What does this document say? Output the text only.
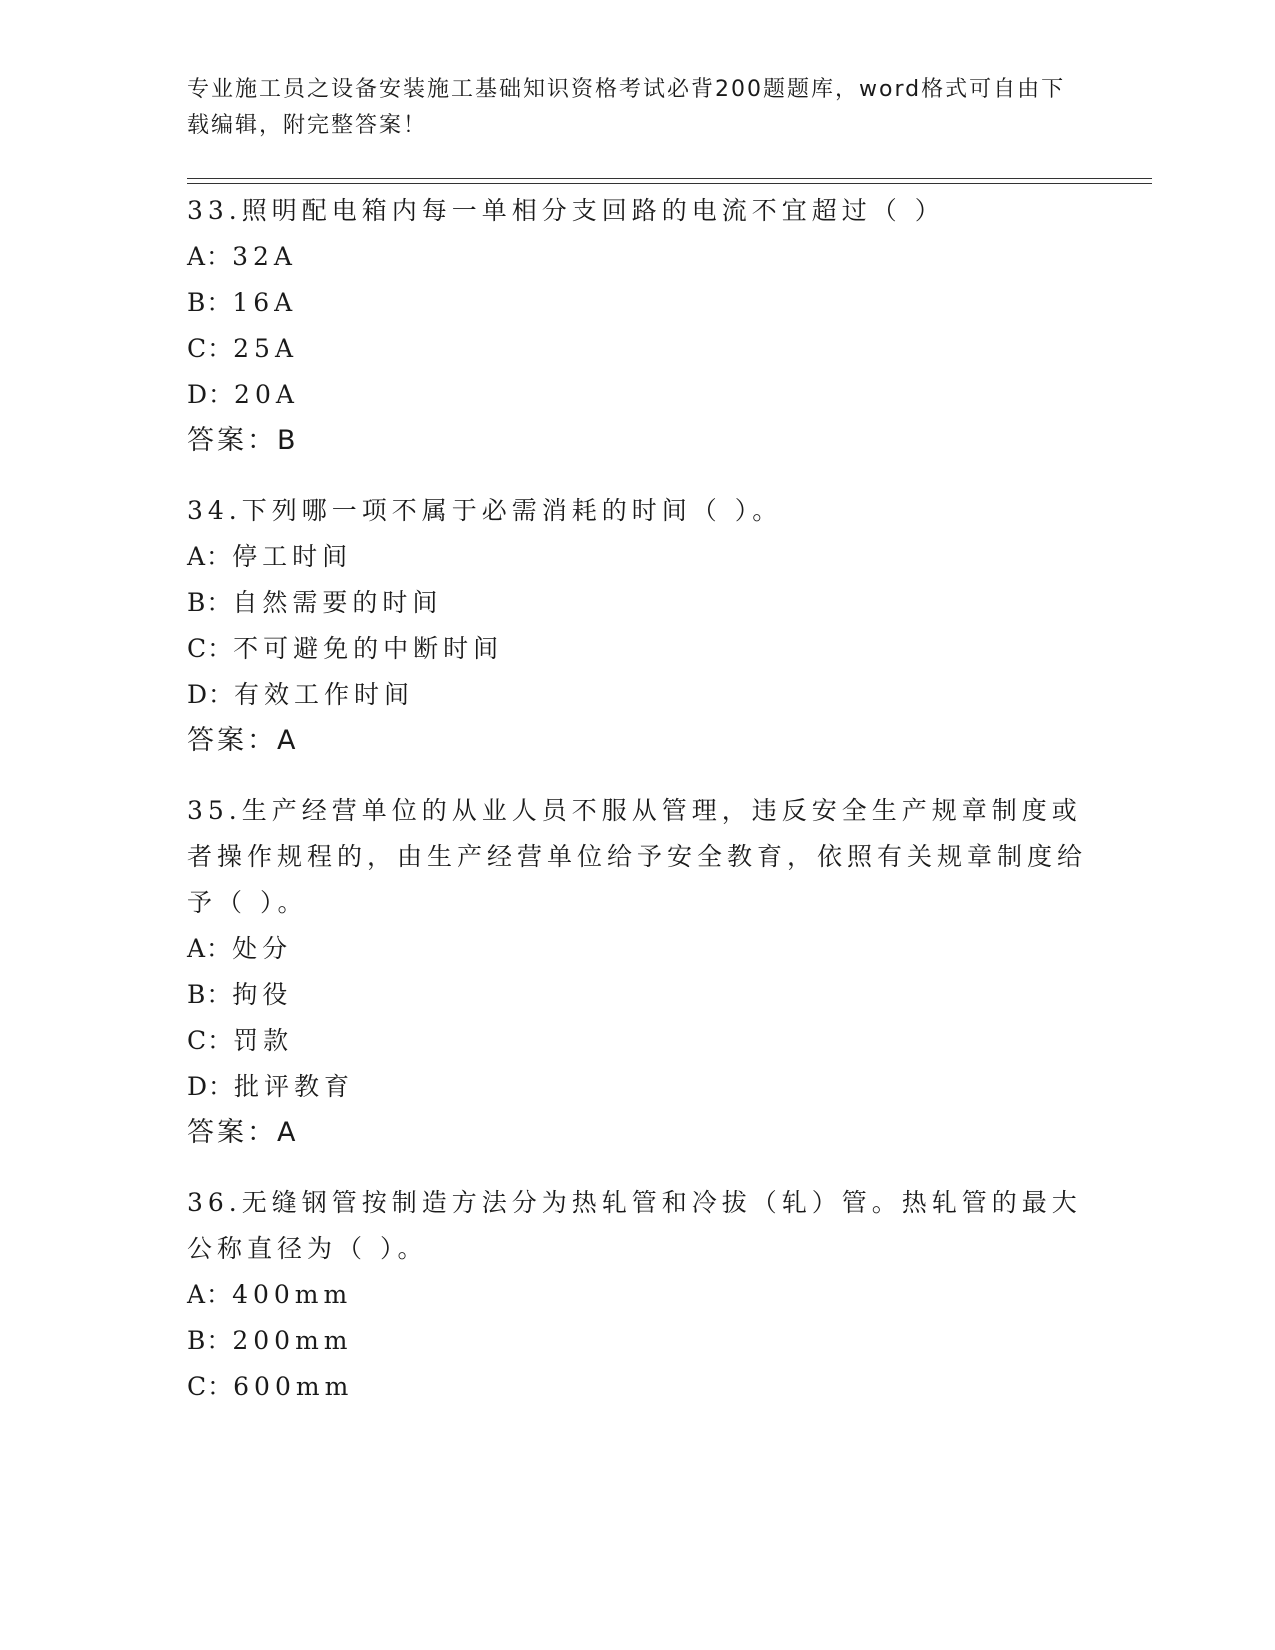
专业施工员之设备安装施工基础知识资格考试必背200题题库，word格式可自由下载编辑，附完整答案！

33.照明配电箱内每一单相分支回路的电流不宜超过（ ）

A：32A
B：16A
C：25A
D：20A

答案：B

34.下列哪一项不属于必需消耗的时间（ ）。

A：停工时间
B：自然需要的时间
C：不可避免的中断时间
D：有效工作时间

答案：A

35.生产经营单位的从业人员不服从管理，违反安全生产规章制度或者操作规程的，由生产经营单位给予安全教育，依照有关规章制度给予（ ）。

A：处分
B：拘役
C：罚款
D：批评教育

答案：A

36.无缝钢管按制造方法分为热轧管和冷拔（轧）管。热轧管的最大公称直径为（ ）。

A：400mm
B：200mm
C：600mm
